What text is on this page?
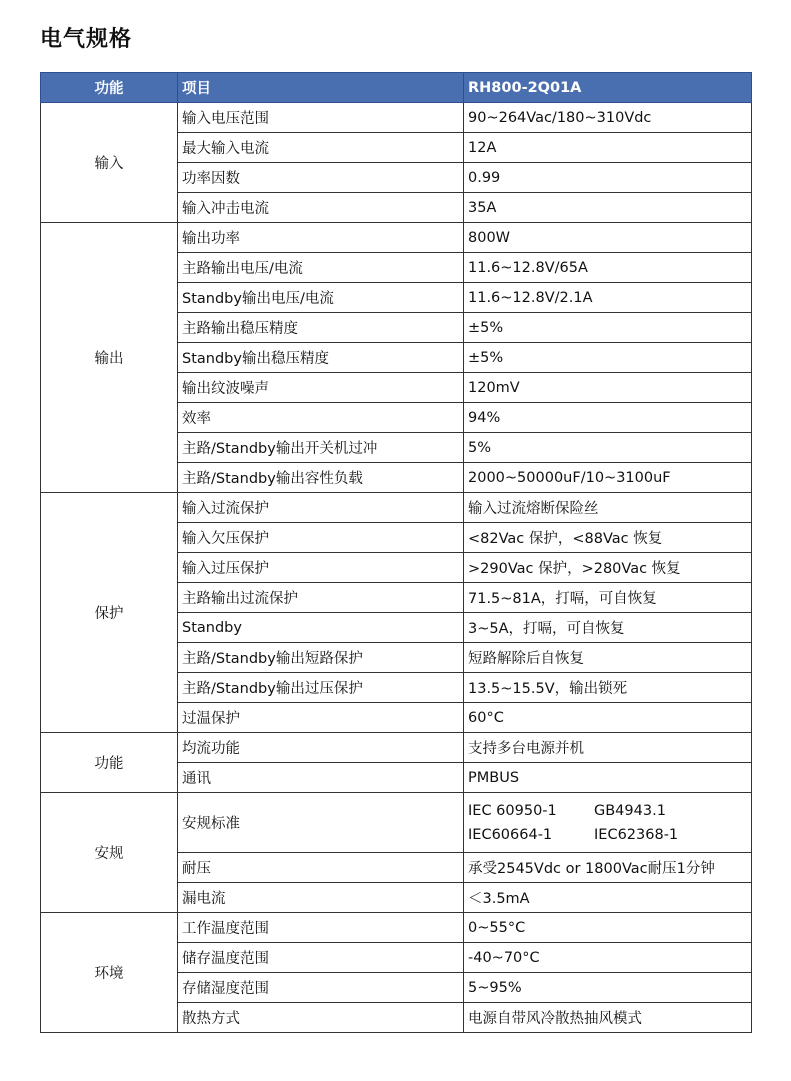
电气规格
功能	项目	RH800-2Q01A
输入	输入电压范围	90~264Vac/180~310Vdc
	最大输入电流	12A
	功率因数	0.99
	输入冲击电流	35A
输出	输出功率	800W
	主路输出电压/电流	11.6~12.8V/65A
	Standby输出电压/电流	11.6~12.8V/2.1A
	主路输出稳压精度	±5%
	Standby输出稳压精度	±5%
	输出纹波噪声	120mV
	效率	94%
	主路/Standby输出开关机过冲	5%
	主路/Standby输出容性负载	2000~50000uF/10~3100uF
保护	输入过流保护	输入过流熔断保险丝
	输入欠压保护	<82Vac 保护，<88Vac 恢复
	输入过压保护	>290Vac 保护，>280Vac 恢复
	主路输出过流保护	71.5~81A，打嗝，可自恢复
	Standby	3~5A，打嗝，可自恢复
	主路/Standby输出短路保护	短路解除后自恢复
	主路/Standby输出过压保护	13.5~15.5V，输出锁死
	过温保护	60°C
功能	均流功能	支持多台电源并机
	通讯	PMBUS
安规	安规标准	IEC 60950-1 GB4943.1
IEC60664-1 IEC62368-1

	耐压	承受2545Vdc or 1800Vac耐压1分钟
	漏电流	＜3.5mA
环境	工作温度范围	0~55°C
	储存温度范围	-40~70°C
	存储湿度范围	5~95%
	散热方式	电源自带风冷散热抽风模式
